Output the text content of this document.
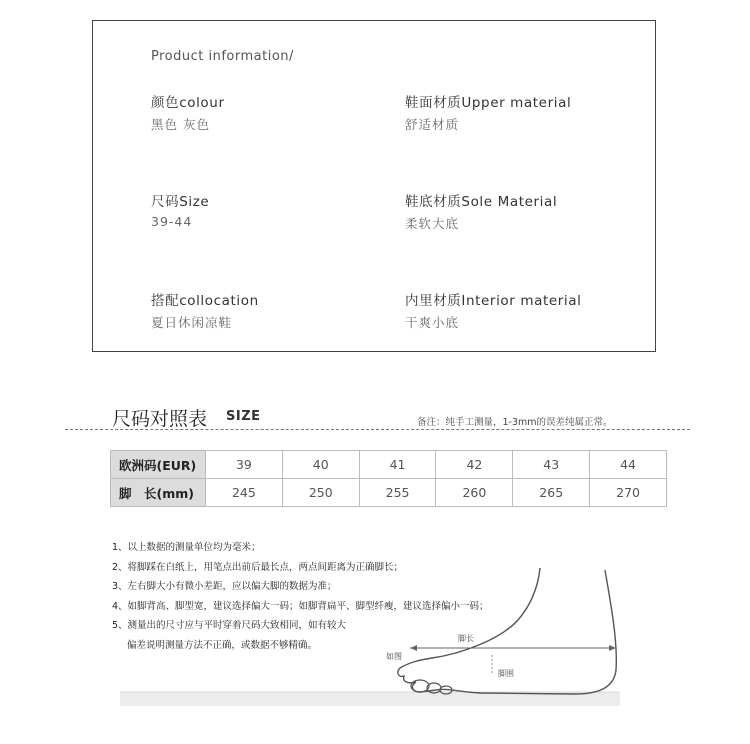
Product information/
颜色colour
黑色 灰色
鞋面材质Upper material
舒适材质
尺码Size
39-44
鞋底材质Sole Material
柔软大底
搭配collocation
夏日休闲凉鞋
内里材质Interior material
干爽小底
尺码对照表 SIZE	备注：纯手工测量，1-3mm的误差纯属正常。
欧洲码(EUR)	39	40	41	42	43	44
脚　长(mm)	245	250	255	260	265	270
脚长
脚围
如图
1、以上数据的测量单位均为毫米；
2、将脚踩在白纸上，用笔点出前后最长点，两点间距离为正确脚长；
3、左右脚大小有微小差距，应以偏大脚的数据为准；
4、如脚背高、脚型宽，建议选择偏大一码；如脚背扁平、脚型纤瘦，建议选择偏小一码；
5、测量出的尺寸应与平时穿着尺码大致相同，如有较大
偏差说明测量方法不正确，或数据不够精确。
